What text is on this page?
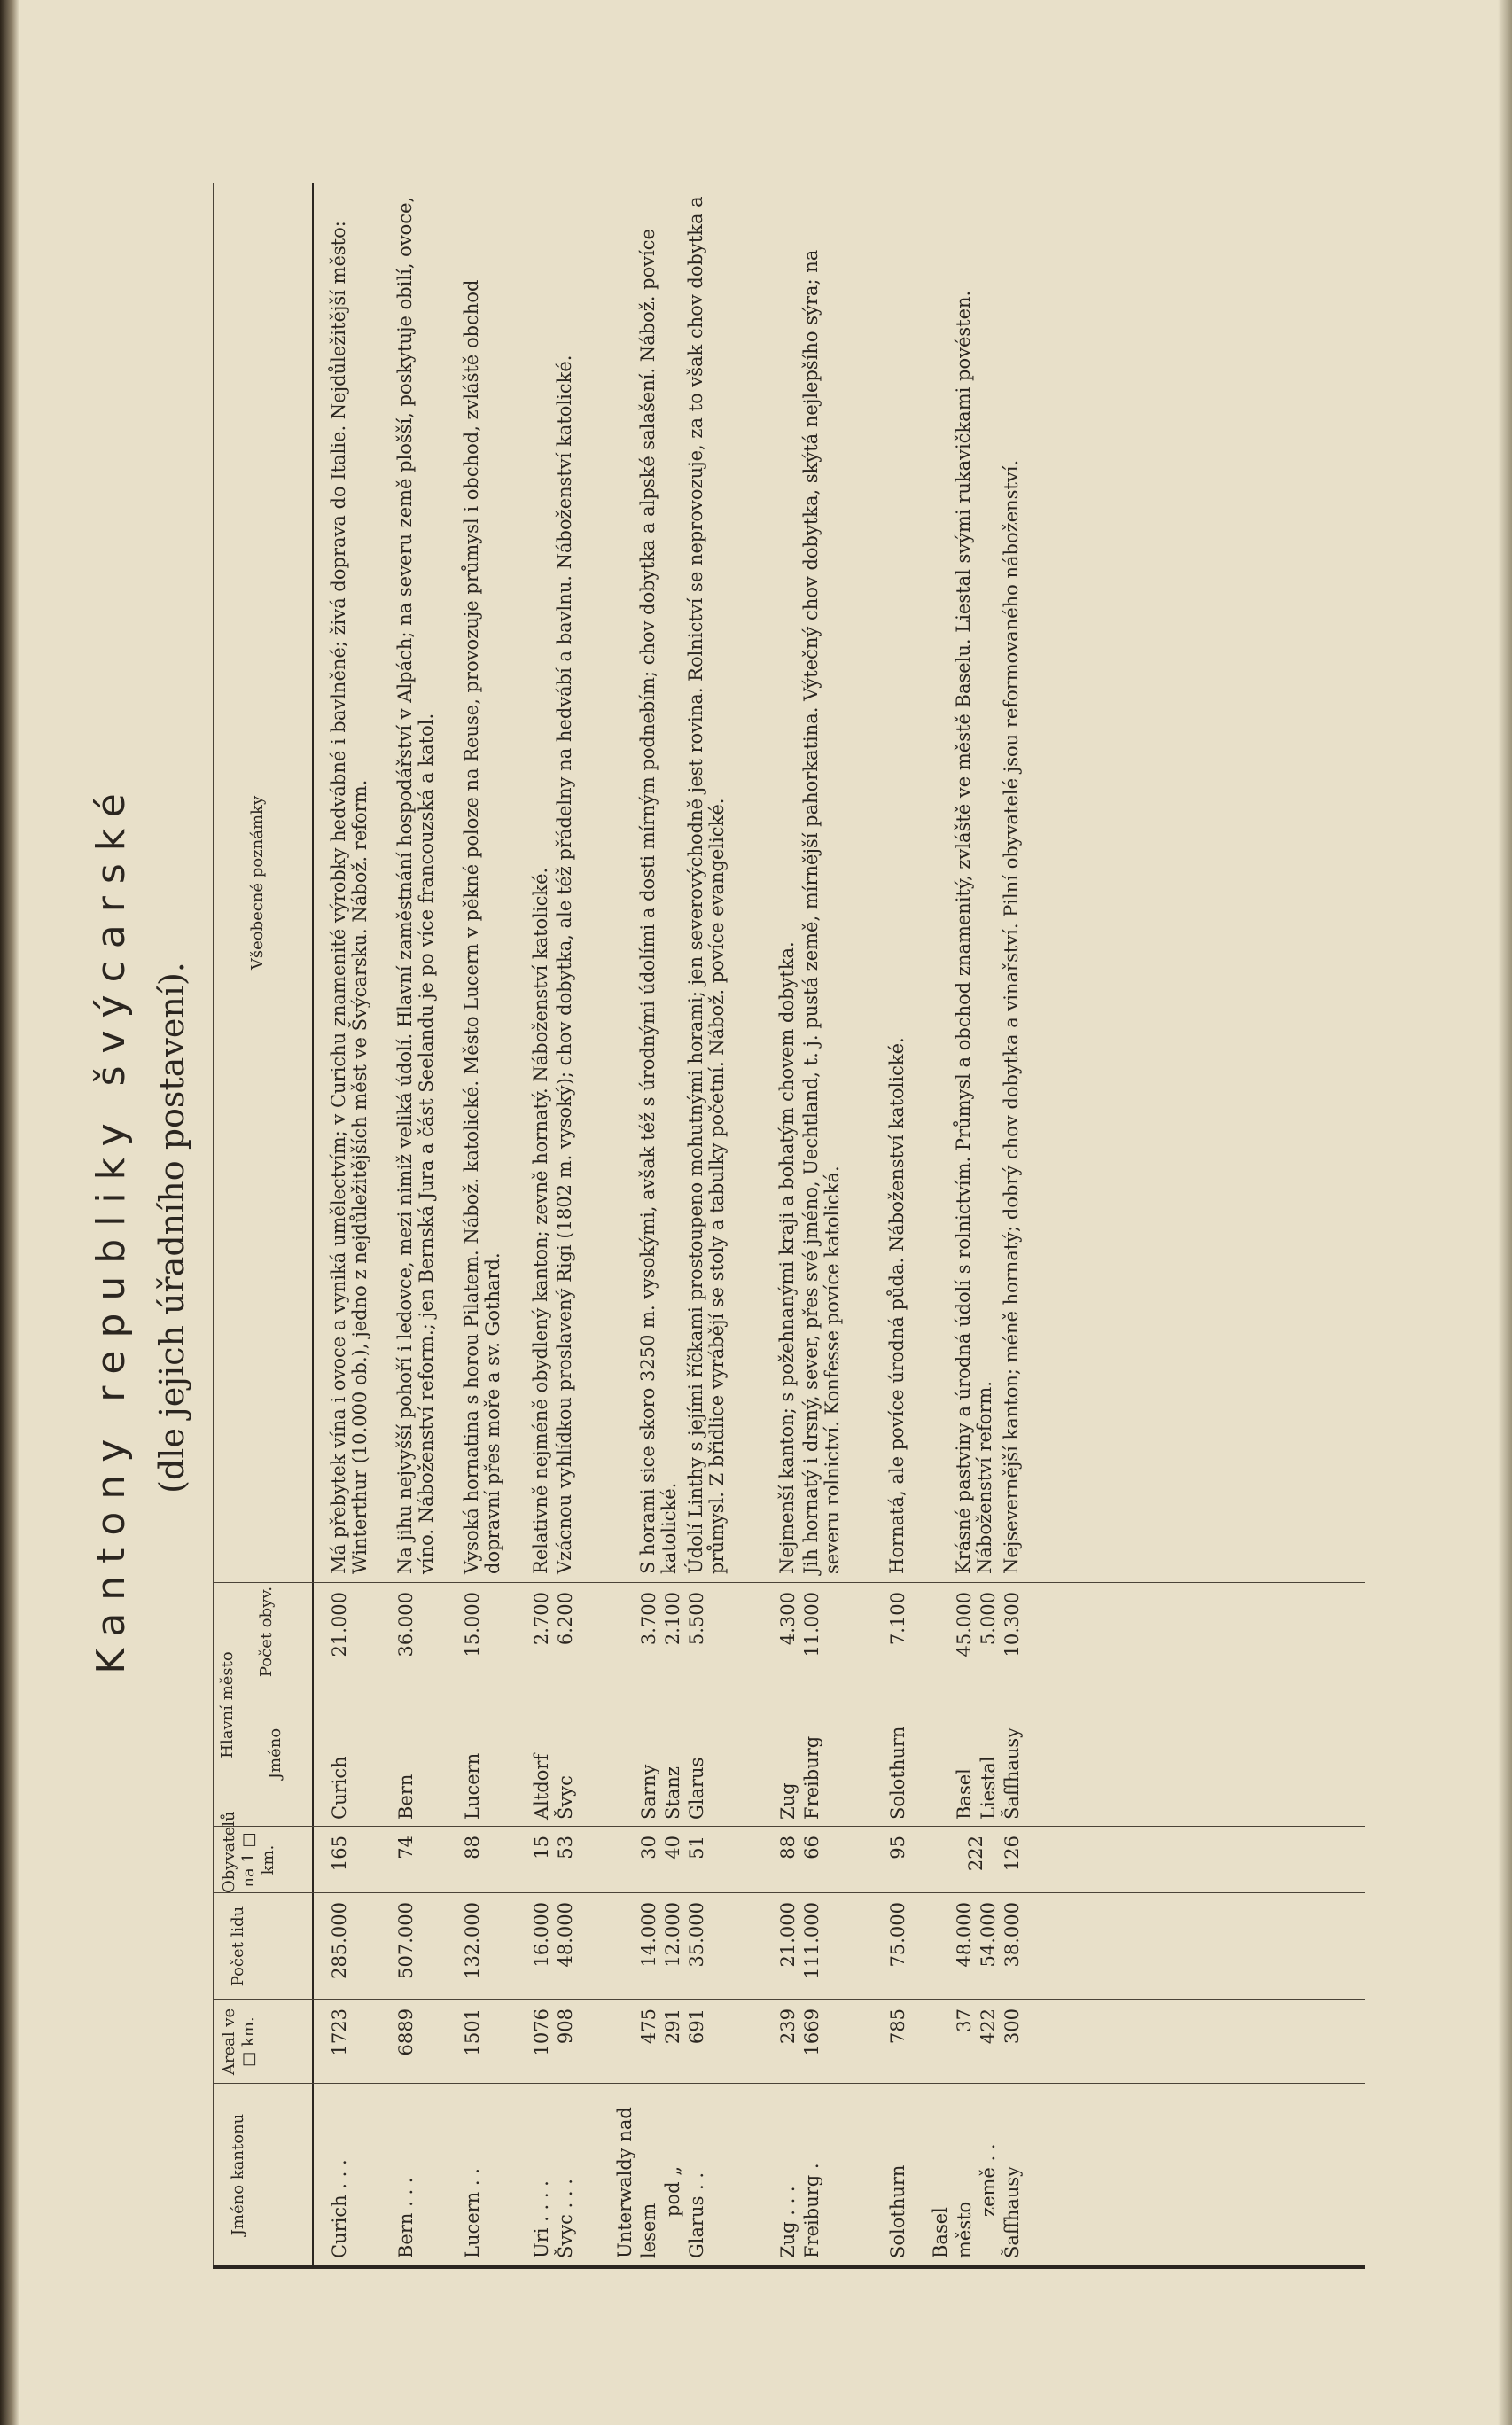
Kantony republiky švýcarské (dle jejich úřadního postavení).
Jméno kantonu
Areal ve □ km.
Počet lidu
Obyvatelů na 1 □ km.
Hlavní město Jméno
Počet obyv.
Všeobecné poznámky
Curich . . .
1723
285.000
165
Curich
21.000
Má přebytek vína i ovoce a vyniká umělectvím; v Curichu znamenité výrobky hedvábné i bavlněné; živá doprava do Italie. Nejdůležitější město: Winterthur (10.000 ob.), jedno z nejdůležitějších měst ve Švýcarsku. Nábož. reform.
Bern . . .
6889
507.000
74
Bern
36.000
Na jihu nejvyšší pohoří i ledovce, mezi nimiž veliká údolí. Hlavní zaměstnání hospodářství v Alpách; na severu země plošší, poskytuje obilí, ovoce, víno. Náboženství reform.; jen Bernská Jura a část Seelandu je po více francouzská a katol.
Lucern . .
1501
132.000
88
Lucern
15.000
Vysoká hornatina s horou Pilatem. Nábož. katolické. Město Lucern v pěkné poloze na Reuse, provozuje průmysl i obchod, zvláště obchod dopravní přes moře a sv. Gothard.
Uri . . . .
1076
16.000
15
Altdorf
2.700
Relativně nejméně obydlený kanton; zevně hornatý. Náboženství katolické.
Švyc . . .
908
48.000
53
Švyc
6.200
Vzácnou vyhlídkou proslavený Rigi (1802 m. vysoký); chov dobytka, ale též přádelny na hedvábí a bavlnu. Náboženství katolické.
Unterwaldy nad lesem
475
14.000
30
Sarny
3.700
S horami sice skoro 3250 m. vysokými, avšak též s úrodnými údolími a dosti mírným podnebím; chov dobytka a alpské salašení. Nábož. povíce katolické.
pod „
291
12.000
40
Stanz
2.100
Glarus . .
691
35.000
51
Glarus
5.500
Údolí Linthy s jejími říčkami prostoupeno mohutnými horami; jen severovýchodně jest rovina. Rolnictví se neprovozuje, za to však chov dobytka a průmysl. Z břidlice vyrábějí se stoly a tabulky početní. Nábož. povíce evangelické.
Zug . . .
239
21.000
88
Zug
4.300
Nejmenší kanton; s požehnanými kraji a bohatým chovem dobytka.
Freiburg .
1669
111.000
66
Freiburg
11.000
Jih hornatý i drsný, sever, přes své jméno, Uechtland, t. j. pustá země, mírnější pahorkatina. Výtečný chov dobytka, skýtá nejlepšího sýra; na severu rolnictví. Konfesse povíce katolická.
Solothurn
785
75.000
95
Solothurn
7.100
Hornatá, ale povíce úrodná půda. Náboženství katolické.
Basel město
37
48.000
222
Basel
45.000
Krásné pastviny a úrodná údolí s rolnictvím. Průmysl a obchod znamenitý, zvláště ve městě Baselu. Liestal svými rukavičkami povésten. Náboženství reform.
země . .
422
54.000
Liestal
5.000
Šaffhausy
300
38.000
126
Šaffhausy
10.300
Nejsevernější kanton; méně hornatý; dobrý chov dobytka a vinařství. Pilní obyvatelé jsou reformovaného náboženství.
